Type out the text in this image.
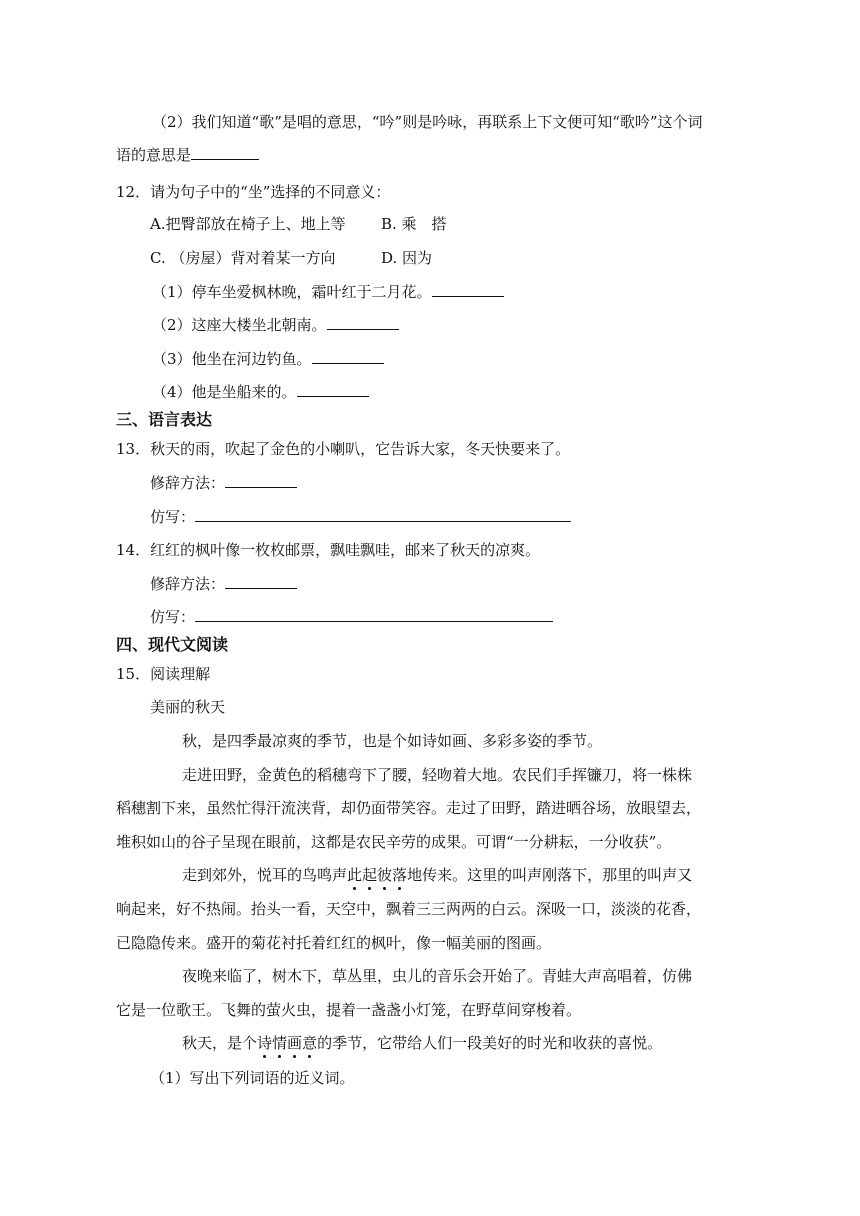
（2）我们知道“歌”是唱的意思，“吟”则是吟咏，再联系上下文便可知“歌吟”这个词
语的意思是
12．请为句子中的“坐”选择的不同意义：
A.把臀部放在椅子上、地上等 B. 乘　搭
C. （房屋）背对着某一方向	D. 因为
（1）停车坐爱枫林晚，霜叶红于二月花。
（2）这座大楼坐北朝南。
（3）他坐在河边钓鱼。
（4）他是坐船来的。
三、语言表达
13．秋天的雨，吹起了金色的小喇叭，它告诉大家，冬天快要来了。
修辞方法：
仿写：
14．红红的枫叶像一枚枚邮票，飘哇飘哇，邮来了秋天的凉爽。
修辞方法：
仿写：
四、现代文阅读
15．阅读理解
美丽的秋天
秋，是四季最凉爽的季节，也是个如诗如画、多彩多姿的季节。
走进田野，金黄色的稻穗弯下了腰，轻吻着大地。农民们手挥镰刀，将一株株
稻穗割下来，虽然忙得汗流浃背，却仍面带笑容。走过了田野，踏进晒谷场，放眼望去，
堆积如山的谷子呈现在眼前，这都是农民辛劳的成果。可谓“一分耕耘，一分收获”。
走到郊外，悦耳的鸟鸣声此起彼落地传来。这里的叫声刚落下，那里的叫声又
响起来，好不热闹。抬头一看，天空中，飘着三三两两的白云。深吸一口，淡淡的花香，
已隐隐传来。盛开的菊花衬托着红红的枫叶，像一幅美丽的图画。
夜晚来临了，树木下，草丛里，虫儿的音乐会开始了。青蛙大声高唱着，仿佛
它是一位歌王。飞舞的萤火虫，提着一盏盏小灯笼，在野草间穿梭着。
秋天，是个诗情画意的季节，它带给人们一段美好的时光和收获的喜悦。
（1）写出下列词语的近义词。
